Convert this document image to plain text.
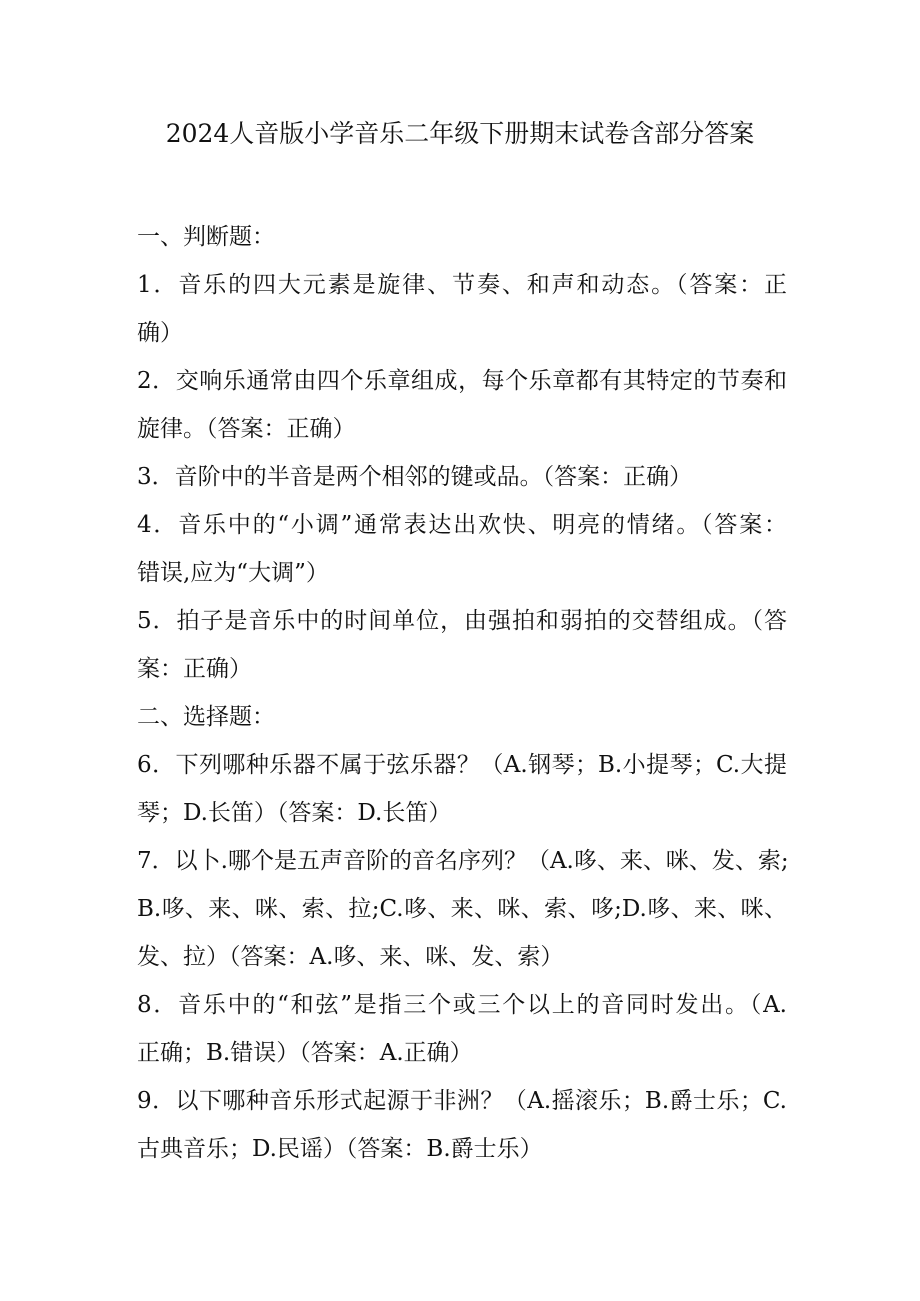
2024人音版小学音乐二年级下册期末试卷含部分答案
一、判断题：
1．音乐的四大元素是旋律、节奏、和声和动态。（答案：正
确）
2．交响乐通常由四个乐章组成，每个乐章都有其特定的节奏和
旋律。（答案：正确）
3．音阶中的半音是两个相邻的键或品。（答案：正确）
4．音乐中的“小调”通常表达出欢快、明亮的情绪。（答案：
错误,应为“大调”）
5．拍子是音乐中的时间单位，由强拍和弱拍的交替组成。（答
案：正确）
二、选择题：
6．下列哪种乐器不属于弦乐器？（A.钢琴；B.小提琴；C.大提
琴；D.长笛）（答案：D.长笛）
7．以卜.哪个是五声音阶的音名序列？（A.哆、来、咪、发、索;
B.哆、来、咪、索、拉;C.哆、来、咪、索、哆;D.哆、来、咪、
发、拉）（答案：A.哆、来、咪、发、索）
8．音乐中的“和弦”是指三个或三个以上的音同时发出。（A.
正确；B.错误）（答案：A.正确）
9．以下哪种音乐形式起源于非洲？（A.摇滚乐；B.爵士乐；C.
古典音乐；D.民谣）（答案：B.爵士乐）
